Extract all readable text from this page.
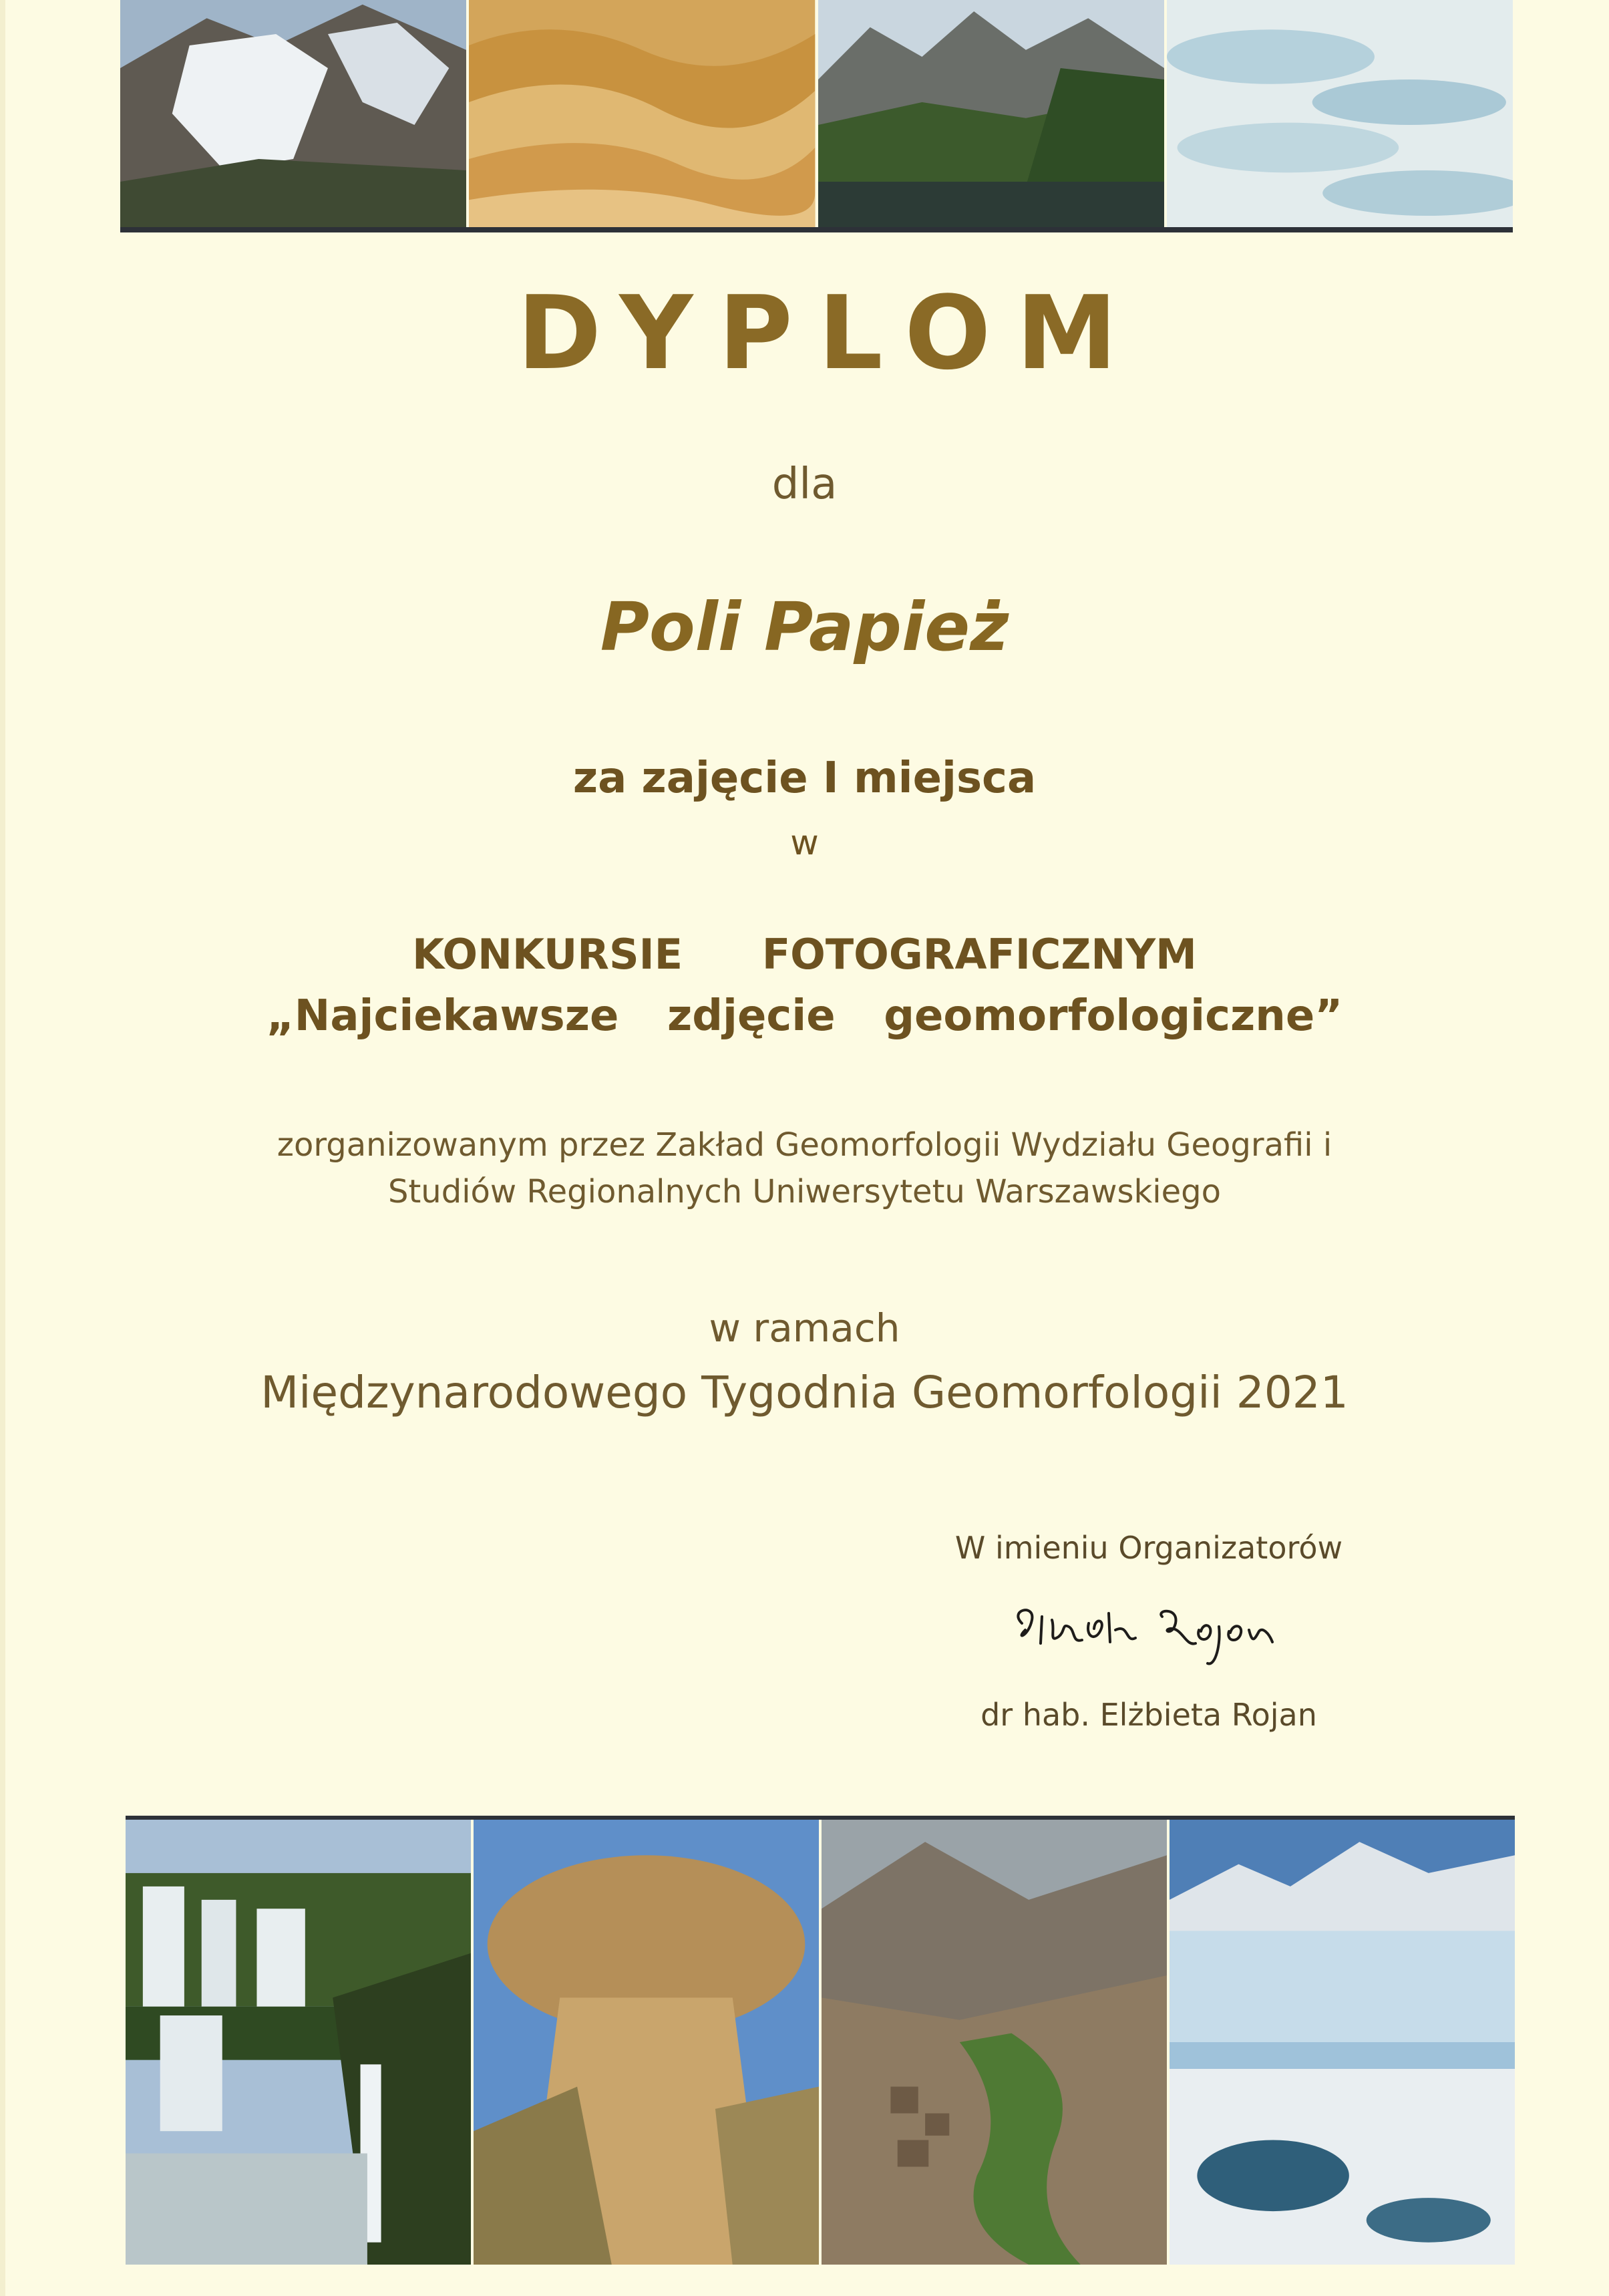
DYPLOM
dla
Poli Papież
za zajęcie I miejsca
w
KONKURSIE   FOTOGRAFICZNYM
„Najciekawsze  zdjęcie  geomorfologiczne”
zorganizowanym przez Zakład Geomorfologii Wydziału Geografii i
Studiów Regionalnych Uniwersytetu Warszawskiego
w ramach
Międzynarodowego Tygodnia Geomorfologii 2021
W imieniu Organizatorów
dr hab. Elżbieta Rojan
